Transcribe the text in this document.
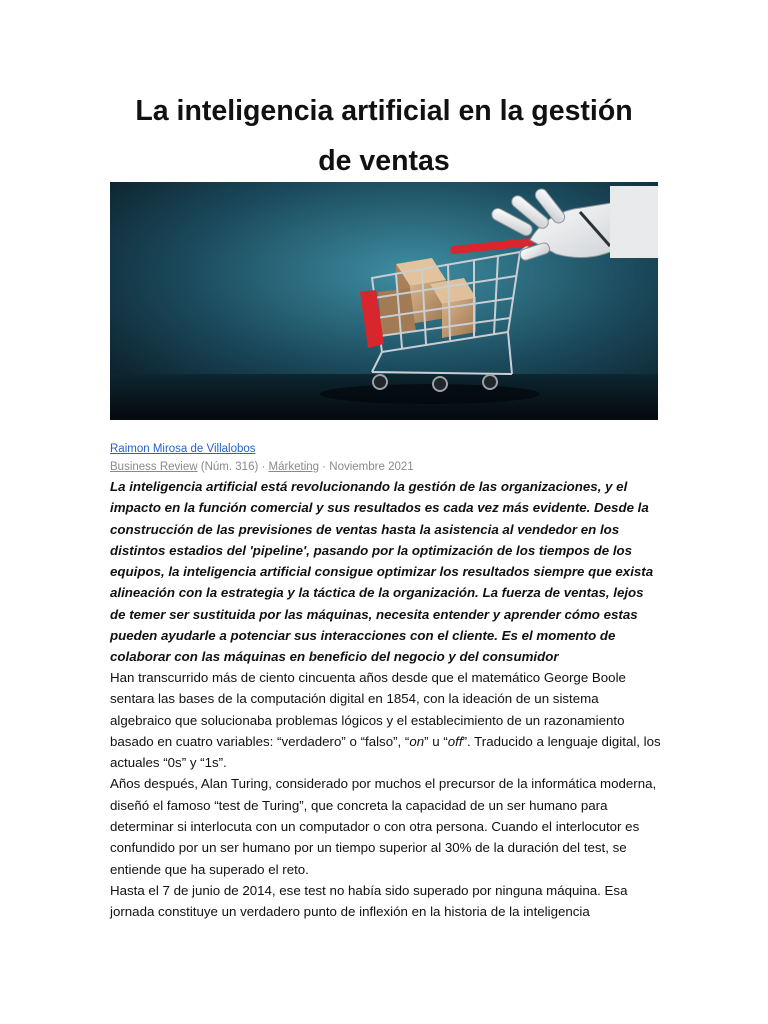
La inteligencia artificial en la gestión
de ventas
Raimon Mirosa de Villalobos
Business Review (Núm. 316) · Márketing · Noviembre 2021

La inteligencia artificial está revolucionando la gestión de las organizaciones, y el impacto en la función comercial y sus resultados es cada vez más evidente. Desde la construcción de las previsiones de ventas hasta la asistencia al vendedor en los distintos estadios del 'pipeline', pasando por la optimización de los tiempos de los equipos, la inteligencia artificial consigue optimizar los resultados siempre que exista alineación con la estrategia y la táctica de la organización. La fuerza de ventas, lejos de temer ser sustituida por las máquinas, necesita entender y aprender cómo estas pueden ayudarle a potenciar sus interacciones con el cliente. Es el momento de colaborar con las máquinas en beneficio del negocio y del consumidor

Han transcurrido más de ciento cincuenta años desde que el matemático George Boole sentara las bases de la computación digital en 1854, con la ideación de un sistema algebraico que solucionaba problemas lógicos y el establecimiento de un razonamiento basado en cuatro variables: “verdadero” o “falso”, “on” u “off”. Traducido a lenguaje digital, los actuales “0s” y “1s”.

Años después, Alan Turing, considerado por muchos el precursor de la informática moderna, diseñó el famoso “test de Turing”, que concreta la capacidad de un ser humano para determinar si interlocuta con un computador o con otra persona. Cuando el interlocutor es confundido por un ser humano por un tiempo superior al 30% de la duración del test, se entiende que ha superado el reto.

Hasta el 7 de junio de 2014, ese test no había sido superado por ninguna máquina. Esa jornada constituye un verdadero punto de inflexión en la historia de la inteligencia
